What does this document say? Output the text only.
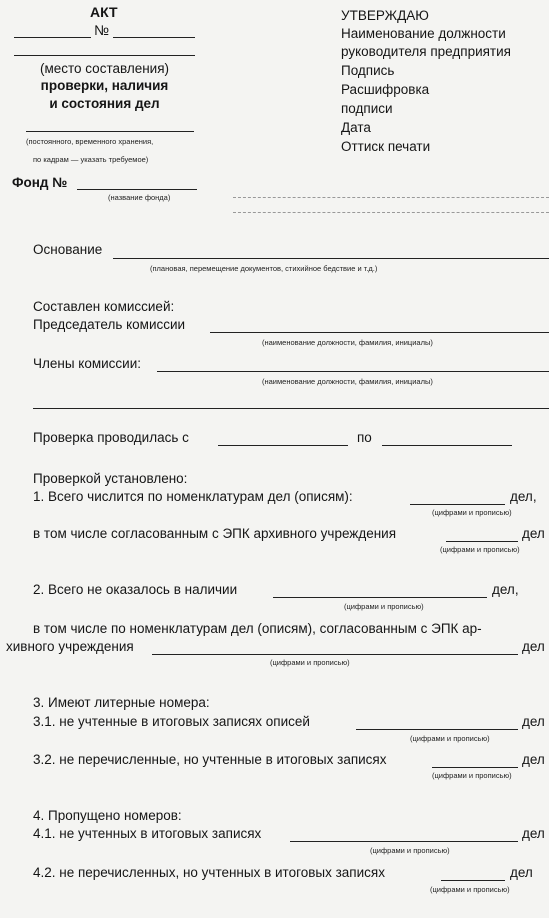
АКТ
№
(место составления)
проверки, наличия
и состояния дел
(постоянного, временного хранения,
по кадрам — указать требуемое)
Фонд №
(название фонда)
УТВЕРЖДАЮ
Наименование должности
руководителя предприятия
Подпись
Расшифровка
подписи
Дата
Оттиск печати
Основание
(плановая, перемещение документов, стихийное бедствие и т.д.)
Составлен комиссией:
Председатель комиссии
(наименование должности, фамилия, инициалы)
Члены комиссии:
(наименование должности, фамилия, инициалы)
Проверка проводилась с	по
Проверкой установлено:
1. Всего числится по номенклатурам дел (описям):	дел,
(цифрами и прописью)
в том числе согласованным с ЭПК архивного учреждения	дел
(цифрами и прописью)
2. Всего не оказалось в наличии	дел,
(цифрами и прописью)
в том числе по номенклатурам дел (описям), согласованным с ЭПК ар-
хивного учреждения	дел
(цифрами и прописью)
3. Имеют литерные номера:
3.1. не учтенные в итоговых записях описей	дел
(цифрами и прописью)
3.2. не перечисленные, но учтенные в итоговых записях	дел
(цифрами и прописью)
4. Пропущено номеров:
4.1. не учтенных в итоговых записях	дел
(цифрами и прописью)
4.2. не перечисленных, но учтенных в итоговых записях	дел
(цифрами и прописью)
